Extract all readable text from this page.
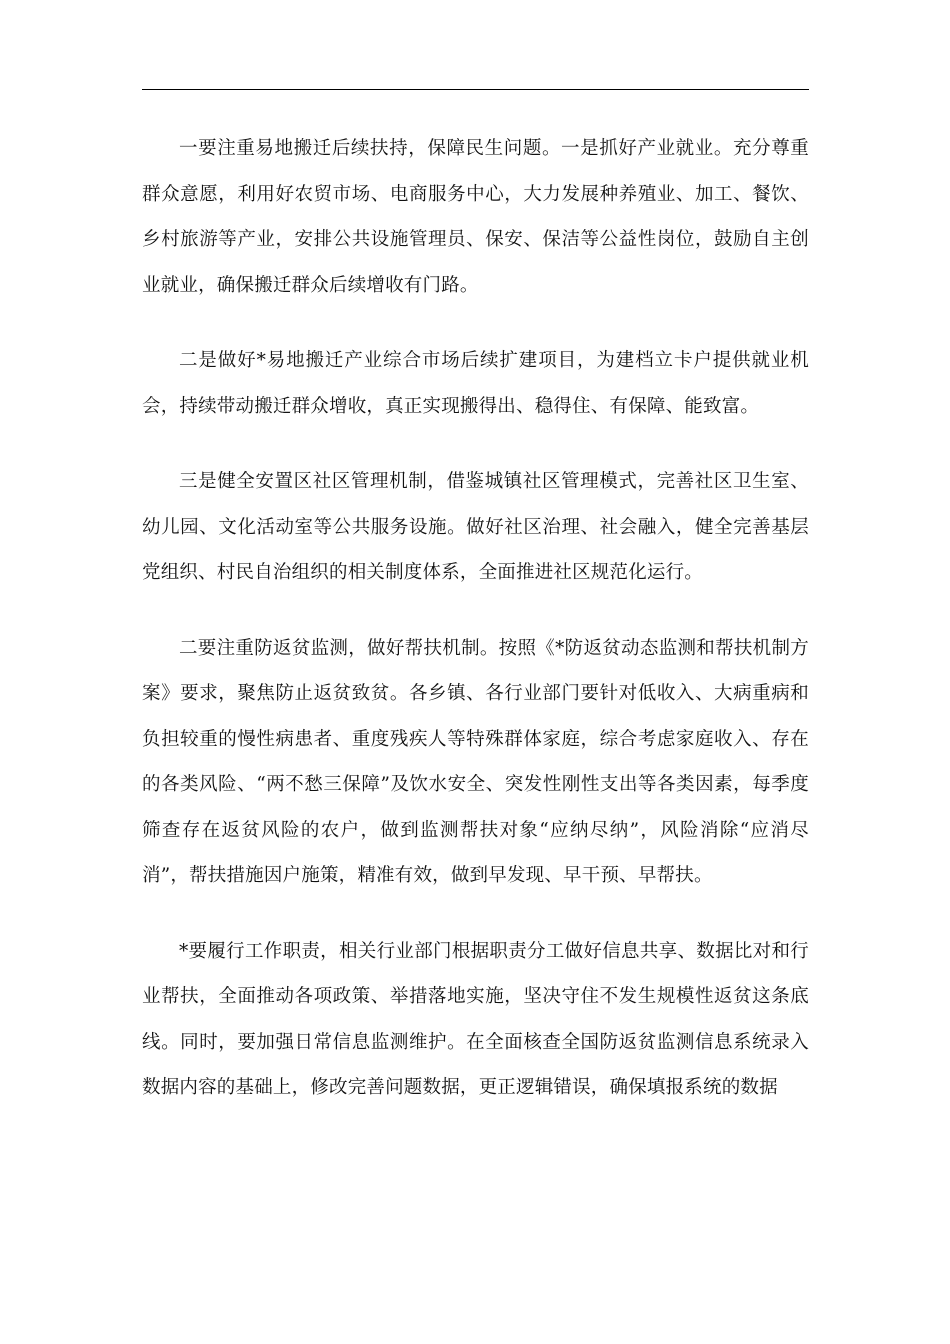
一要注重易地搬迁后续扶持，保障民生问题。一是抓好产业就业。充分尊重群众意愿，利用好农贸市场、电商服务中心，大力发展种养殖业、加工、餐饮、乡村旅游等产业，安排公共设施管理员、保安、保洁等公益性岗位，鼓励自主创业就业，确保搬迁群众后续增收有门路。

二是做好*易地搬迁产业综合市场后续扩建项目，为建档立卡户提供就业机会，持续带动搬迁群众增收，真正实现搬得出、稳得住、有保障、能致富。

三是健全安置区社区管理机制，借鉴城镇社区管理模式，完善社区卫生室、幼儿园、文化活动室等公共服务设施。做好社区治理、社会融入，健全完善基层党组织、村民自治组织的相关制度体系，全面推进社区规范化运行。

二要注重防返贫监测，做好帮扶机制。按照《*防返贫动态监测和帮扶机制方案》要求，聚焦防止返贫致贫。各乡镇、各行业部门要针对低收入、大病重病和负担较重的慢性病患者、重度残疾人等特殊群体家庭，综合考虑家庭收入、存在的各类风险、“两不愁三保障”及饮水安全、突发性刚性支出等各类因素，每季度筛查存在返贫风险的农户，做到监测帮扶对象“应纳尽纳”，风险消除“应消尽消”，帮扶措施因户施策，精准有效，做到早发现、早干预、早帮扶。

*要履行工作职责，相关行业部门根据职责分工做好信息共享、数据比对和行业帮扶，全面推动各项政策、举措落地实施，坚决守住不发生规模性返贫这条底线。同时，要加强日常信息监测维护。在全面核查全国防返贫监测信息系统录入数据内容的基础上，修改完善问题数据，更正逻辑错误，确保填报系统的数据
